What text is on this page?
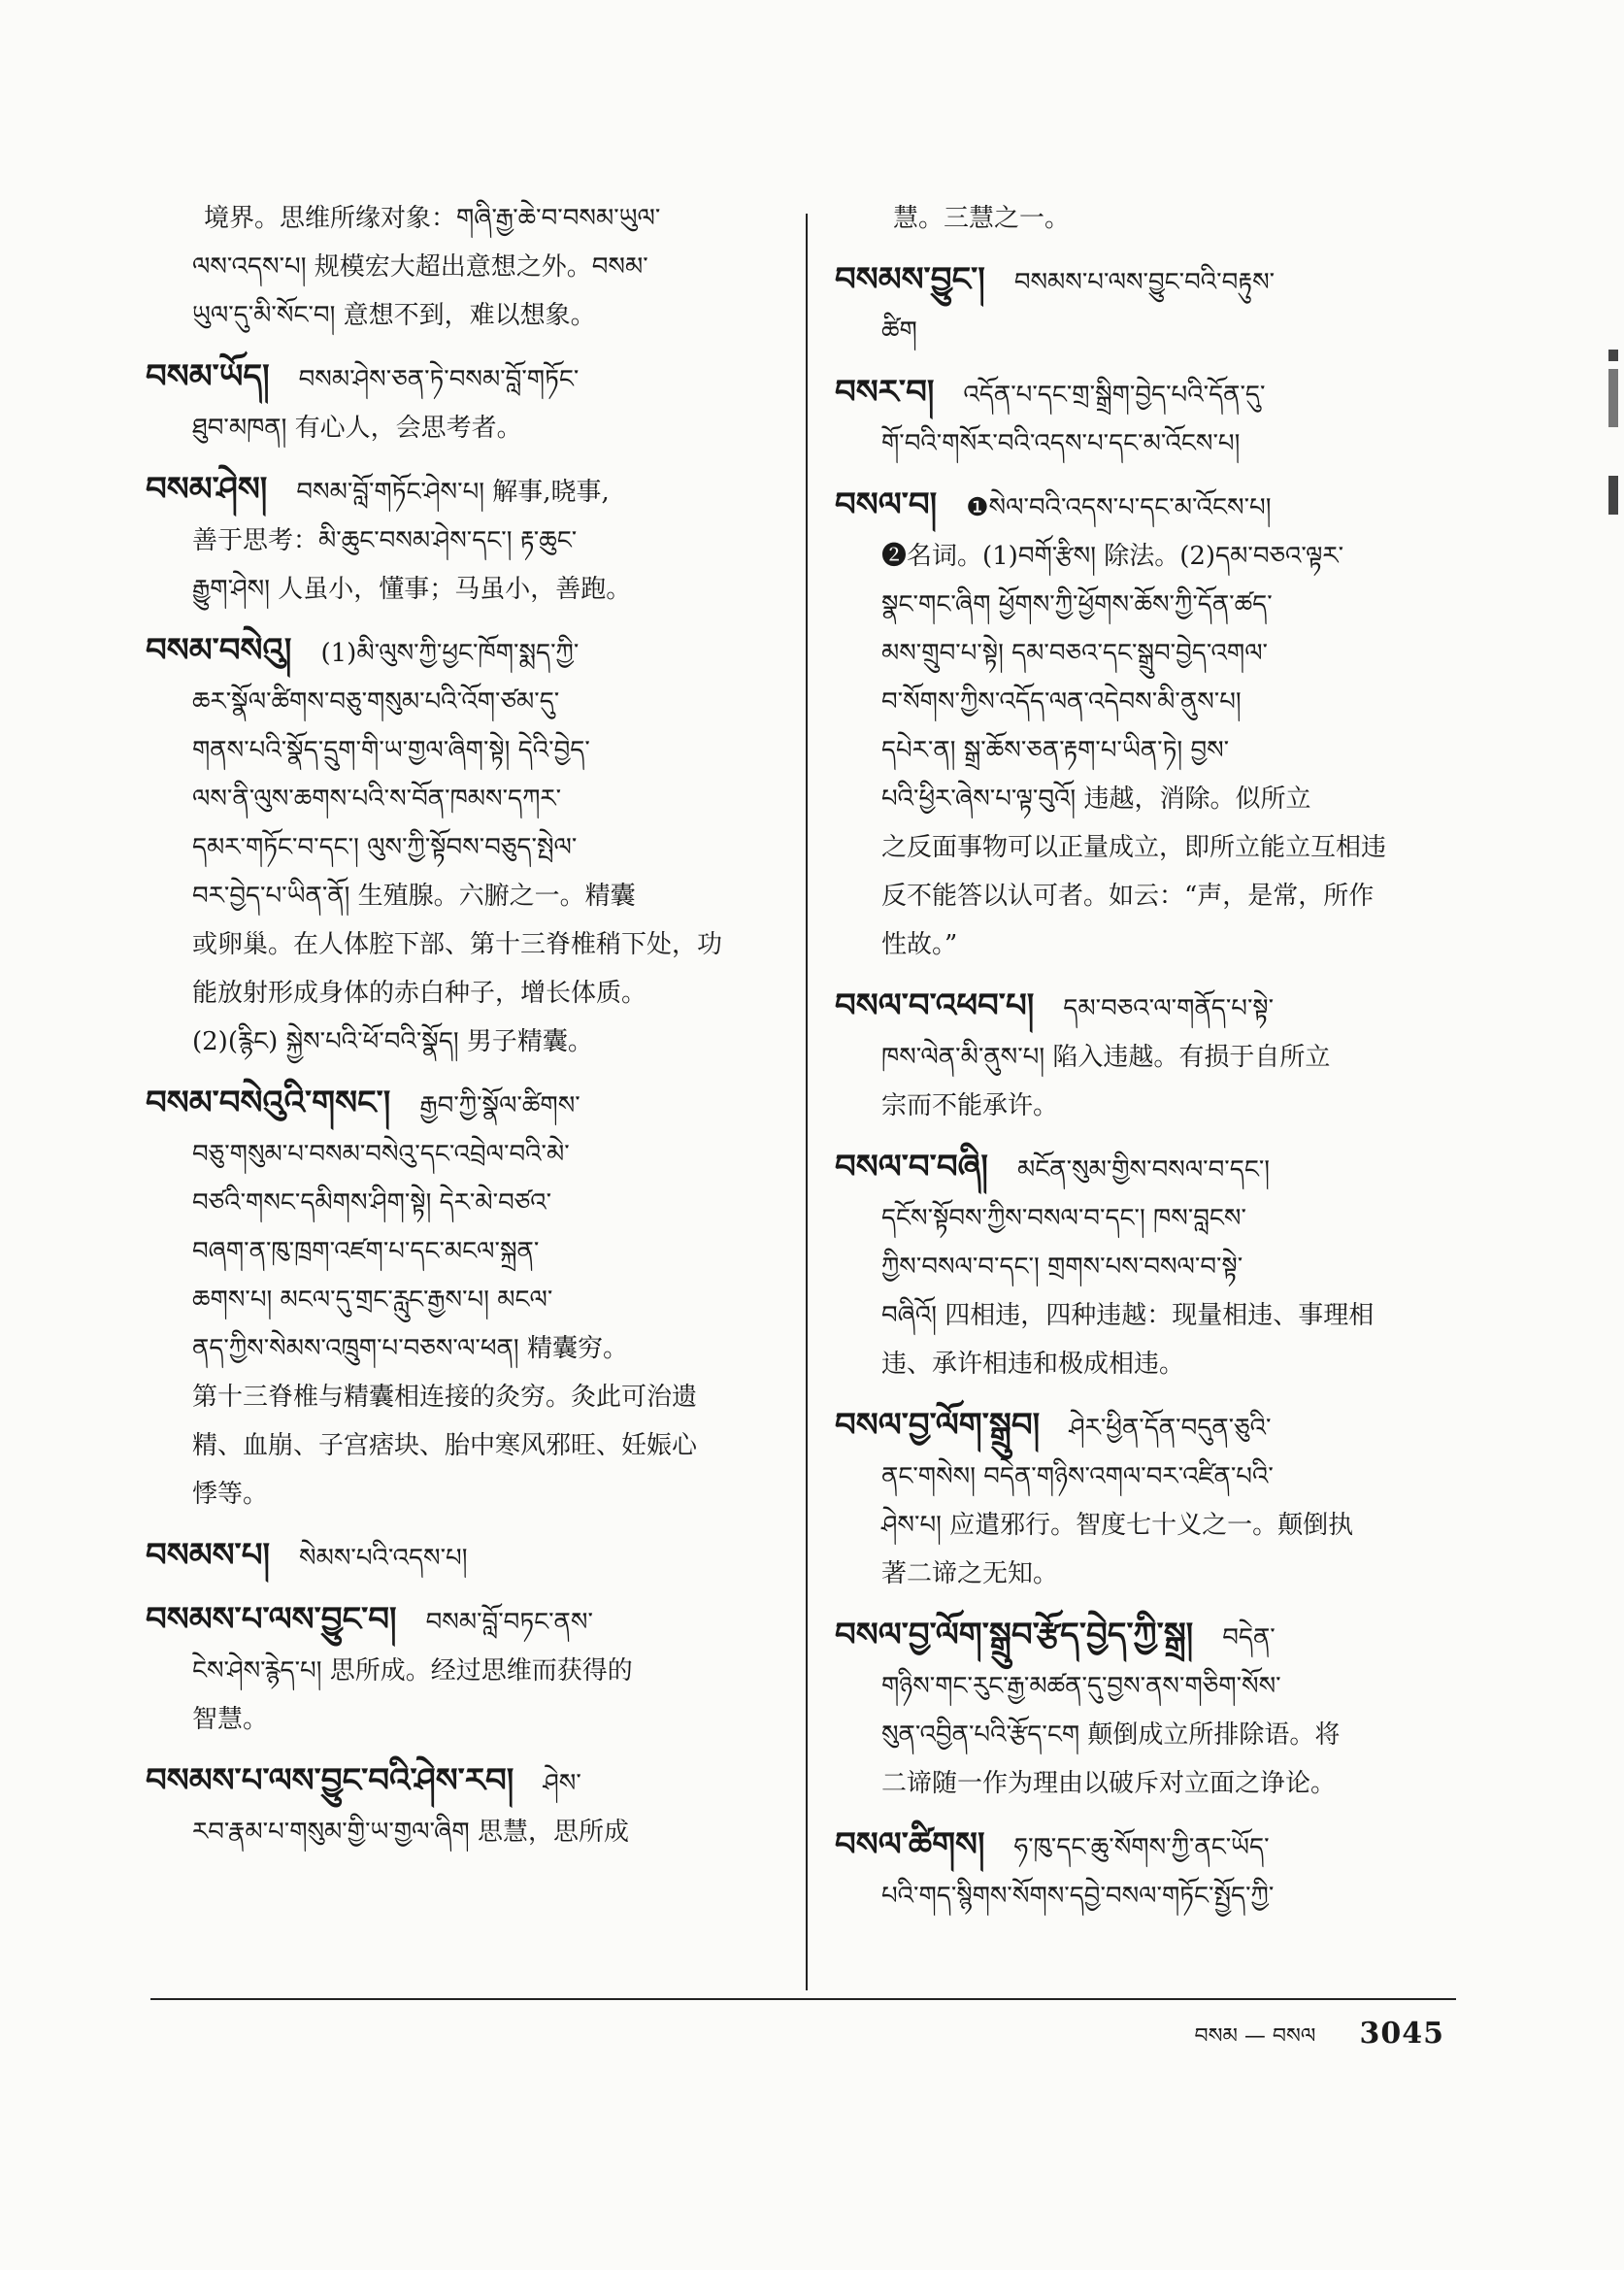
境界。思维所缘对象：གཞི་རྒྱ་ཆེ་བ་བསམ་ཡུལ་
ལས་འདས་པ། 规模宏大超出意想之外。བསམ་
ཡུལ་དུ་མི་སོང་བ། 意想不到，难以想象。
བསམ་ཡོད། བསམ་ཤེས་ཅན་ཏེ་བསམ་བློ་གཏོང་
ཐུབ་མཁན། 有心人，会思考者。
བསམ་ཤེས། བསམ་བློ་གཏོང་ཤེས་པ། 解事,晓事,
善于思考：མི་ཆུང་བསམ་ཤེས་དང་། རྟ་ཆུང་
རྒྱུག་ཤེས། 人虽小，懂事；马虽小，善跑。
བསམ་བསེའུ། (1)མི་ལུས་ཀྱི་ཕྱང་ཁོག་སྨད་ཀྱི་
ཆར་སྣོལ་ཚིགས་བཅུ་གསུམ་པའི་འོག་ཙམ་དུ་
གནས་པའི་སྣོད་དྲུག་གི་ཡ་གྱལ་ཞིག་སྟེ། དེའི་བྱེད་
ལས་ནི་ལུས་ཆགས་པའི་ས་བོན་ཁམས་དཀར་
དམར་གཏོང་བ་དང་། ལུས་ཀྱི་སྟོབས་བཅུད་སྤེལ་
བར་བྱེད་པ་ཡིན་ནོ། 生殖腺。六腑之一。精囊
或卵巢。在人体腔下部、第十三脊椎稍下处，功
能放射形成身体的赤白种子，增长体质。
(2)(རྙིང) སྐྱེས་པའི་ཕོ་བའི་སྣོད། 男子精囊。
བསམ་བསེའུའི་གསང་། རྒྱབ་ཀྱི་སྣོལ་ཚིགས་
བཅུ་གསུམ་པ་བསམ་བསེའུ་དང་འབྲེལ་བའི་མེ་
བཙའི་གསང་དམིགས་ཤིག་སྟེ། དེར་མེ་བཙའ་
བཞག་ན་ཁུ་ཁྲག་འཛག་པ་དང་མངལ་སྐྲན་
ཆགས་པ། མངལ་དུ་གྲང་རླུང་རྒྱས་པ། མངལ་
ནད་ཀྱིས་སེམས་འཁྲུག་པ་བཅས་ལ་ཕན། 精囊穷。
第十三脊椎与精囊相连接的灸穷。灸此可治遗
精、血崩、子宫痞块、胎中寒风邪旺、妊娠心
悸等。
བསམས་པ། སེམས་པའི་འདས་པ།
བསམས་པ་ལས་བྱུང་བ། བསམ་བློ་བཏང་ནས་
ངེས་ཤེས་རྙེད་པ། 思所成。经过思维而获得的
智慧。
བསམས་པ་ལས་བྱུང་བའི་ཤེས་རབ། ཤེས་
རབ་རྣམ་པ་གསུམ་གྱི་ཡ་གྱལ་ཞིག 思慧，思所成
慧。三慧之一。
བསམས་བྱུང་། བསམས་པ་ལས་བྱུང་བའི་བརྟུས་
ཚིག
བསར་བ། འདོན་པ་དང་གྲ་སྒྲིག་བྱེད་པའི་དོན་དུ་
གོ་བའི་གསོར་བའི་འདས་པ་དང་མ་འོངས་པ།
བསལ་བ། ❶སེལ་བའི་འདས་པ་དང་མ་འོངས་པ།
❷名词。(1)བགོ་རྩིས། 除法。(2)དམ་བཅའ་ལྟར་
སྣང་གང་ཞིག ཕྱོགས་ཀྱི་ཕྱོགས་ཆོས་ཀྱི་དོན་ཚད་
མས་གྲུབ་པ་སྟེ། དམ་བཅའ་དང་སྒྲུབ་བྱེད་འགལ་
བ་སོགས་ཀྱིས་འདོད་ལན་འདེབས་མི་ནུས་པ།
དཔེར་ན། སྒྲ་ཆོས་ཅན་རྟག་པ་ཡིན་ཏེ། བྱས་
པའི་ཕྱིར་ཞེས་པ་ལྟ་བུའོ། 违越，消除。似所立
之反面事物可以正量成立，即所立能立互相违
反不能答以认可者。如云：“声，是常，所作
性故。”
བསལ་བ་འཕབ་པ། དམ་བཅའ་ལ་གནོད་པ་སྟེ་
ཁས་ལེན་མི་ནུས་པ། 陷入违越。有损于自所立
宗而不能承许。
བསལ་བ་བཞི། མངོན་སུམ་གྱིས་བསལ་བ་དང་།
དངོས་སྟོབས་ཀྱིས་བསལ་བ་དང་། ཁས་བླངས་
ཀྱིས་བསལ་བ་དང་། གྲགས་པས་བསལ་བ་སྟེ་
བཞིའོ། 四相违，四种违越：现量相违、事理相
违、承许相违和极成相违。
བསལ་བྱ་ལོག་སྒྲུབ། ཤེར་ཕྱིན་དོན་བདུན་ཅུའི་
ནང་གསེས། བདེན་གཉིས་འགལ་བར་འཛིན་པའི་
ཤེས་པ། 应遣邪行。智度七十义之一。颠倒执
著二谛之无知。
བསལ་བྱ་ལོག་སྒྲུབ་རྩོད་བྱེད་ཀྱི་སྒྲ། བདེན་
གཉིས་གང་རུང་རྒྱ་མཚན་དུ་བྱས་ནས་གཅིག་སོས་
སུན་འབྱིན་པའི་རྩོད་ངག 颠倒成立所排除语。将
二谛随一作为理由以破斥对立面之诤论。
བསལ་ཚིགས། ཧ་ཁུ་དང་ཆུ་སོགས་ཀྱི་ནང་ཡོད་
པའི་གད་སྙིགས་སོགས་དབྱེ་བསལ་གཏོང་སྤྱོད་ཀྱི་
བསམ — བསལ 3045
